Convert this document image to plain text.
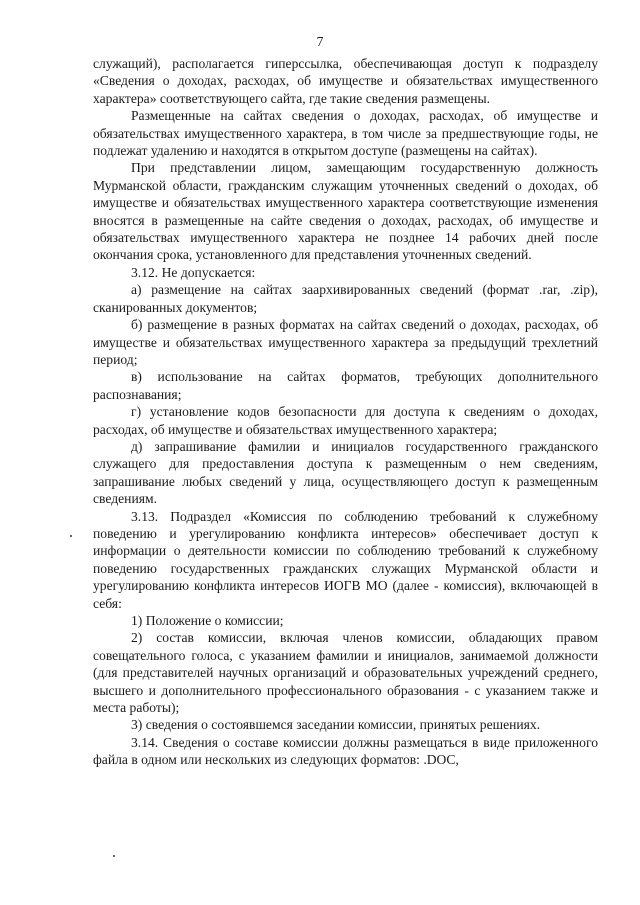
7

служащий), располагается гиперссылка, обеспечивающая доступ к подразделу «Сведения о доходах, расходах, об имуществе и обязательствах имущественного характера» соответствующего сайта, где такие сведения размещены.

Размещенные на сайтах сведения о доходах, расходах, об имуществе и обязательствах имущественного характера, в том числе за предшествующие годы, не подлежат удалению и находятся в открытом доступе (размещены на сайтах).

При представлении лицом, замещающим государственную должность Мурманской области, гражданским служащим уточненных сведений о доходах, об имуществе и обязательствах имущественного характера соответствующие изменения вносятся в размещенные на сайте сведения о доходах, расходах, об имуществе и обязательствах имущественного характера не позднее 14 рабочих дней после окончания срока, установленного для представления уточненных сведений.

3.12. Не допускается:

а) размещение на сайтах заархивированных сведений (формат .rar, .zip), сканированных документов;

б) размещение в разных форматах на сайтах сведений о доходах, расходах, об имуществе и обязательствах имущественного характера за предыдущий трехлетний период;

в) использование на сайтах форматов, требующих дополнительного распознавания;

г) установление кодов безопасности для доступа к сведениям о доходах, расходах, об имуществе и обязательствах имущественного характера;

д) запрашивание фамилии и инициалов государственного гражданского служащего для предоставления доступа к размещенным о нем сведениям, запрашивание любых сведений у лица, осуществляющего доступ к размещенным сведениям.

3.13. Подраздел «Комиссия по соблюдению требований к служебному поведению и урегулированию конфликта интересов» обеспечивает доступ к информации о деятельности комиссии по соблюдению требований к служебному поведению государственных гражданских служащих Мурманской области и урегулированию конфликта интересов ИОГВ МО (далее - комиссия), включающей в себя:

1) Положение о комиссии;

2) состав комиссии, включая членов комиссии, обладающих правом совещательного голоса, с указанием фамилии и инициалов, занимаемой должности (для представителей научных организаций и образовательных учреждений среднего, высшего и дополнительного профессионального образования - с указанием также и места работы);

3) сведения о состоявшемся заседании комиссии, принятых решениях.

3.14. Сведения о составе комиссии должны размещаться в виде приложенного файла в одном или нескольких из следующих форматов: .DOC,
